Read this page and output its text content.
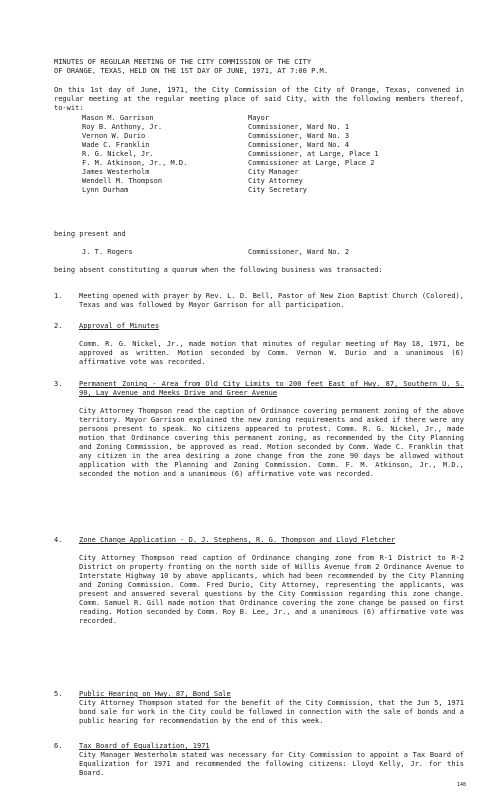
MINUTES OF REGULAR MEETING OF THE CITY COMMISSION OF THE CITY
OF ORANGE, TEXAS, HELD ON THE 1ST DAY OF JUNE, 1971, AT 7:00 P.M.
On this 1st day of June, 1971, the City Commission of the City of Orange, Texas, convened in regular meeting at the regular meeting place of said City, with the following members thereof, to-wit:
Mason M. Garrison	Mayor
Roy B. Anthony, Jr.	Commissioner, Ward No. 1
Vernon W. Durio	Commissioner, Ward No. 3
Wade C. Franklin	Commissioner, Ward No. 4
R. G. Nickel, Jr.	Commissioner, at Large, Place 1
F. M. Atkinson, Jr., M.D.	Commissioner at Large, Place 2
James Westerholm	City Manager
Wendell M. Thompson	City Attorney
Lynn Durham	City Secretary
being present and
J. T. Rogers	Commissioner, Ward No. 2
being absent constituting a quorum when the following business was transacted:
1.	Meeting opened with prayer by Rev. L. D. Bell, Pastor of New Zion Baptist Church (Colored), Texas and was followed by Mayor Garrison for all participation.
2.	Approval of Minutes
Comm. R. G. Nickel, Jr., made motion that minutes of regular meeting of May 18, 1971, be approved as written. Motion seconded by Comm. Vernon W. Durio and a unanimous (6) affirmative vote was recorded.
3.	Permanent Zoning - Area from Old City Limits to 200 feet East of Hwy. 87, Southern U. S. 90, Lay Avenue and Meeks Drive and Greer Avenue
City Attorney Thompson read the caption of Ordinance covering permanent zoning of the above territory. Mayor Garrison explained the new zoning requirements and asked if there were any persons present to speak. No citizens appeared to protest. Comm. R. G. Nickel, Jr., made motion that Ordinance covering this permanent zoning, as recommended by the City Planning and Zoning Commission, be approved as read. Motion seconded by Comm. Wade C. Franklin that any citizen in the area desiring a zone change from the zone 90 days be allowed without application with the Planning and Zoning Commission. Comm. F. M. Atkinson, Jr., M.D., seconded the motion and a unanimous (6) affirmative vote was recorded.
4.	Zone Change Application - D. J. Stephens, R. G. Thompson and Lloyd Fletcher
City Attorney Thompson read caption of Ordinance changing zone from R-1 District to R-2 District on property fronting on the north side of Willis Avenue from 2 Ordinance Avenue to Interstate Highway 10 by above applicants, which had been recommended by the City Planning and Zoning Commission. Comm. Fred Durio, City Attorney, representing the applicants, was present and answered several questions by the City Commission regarding this zone change. Comm. Samuel R. Gill made motion that Ordinance covering the zone change be passed on first reading. Motion seconded by Comm. Roy B. Lee, Jr., and a unanimous (6) affirmative vote was recorded.
5.	Public Hearing on Hwy. 87, Bond Sale
City Attorney Thompson stated for the benefit of the City Commission, that the Jun 5, 1971 bond sale for work in the City could be followed in connection with the sale of bonds and a public hearing for recommendation by the end of this week.
6.	Tax Board of Equalization, 1971
City Manager Westerholm stated was necessary for City Commission to appoint a Tax Board of Equalization for 1971 and recommended the following citizens: Lloyd Kelly, Jr. for this Board.
148
